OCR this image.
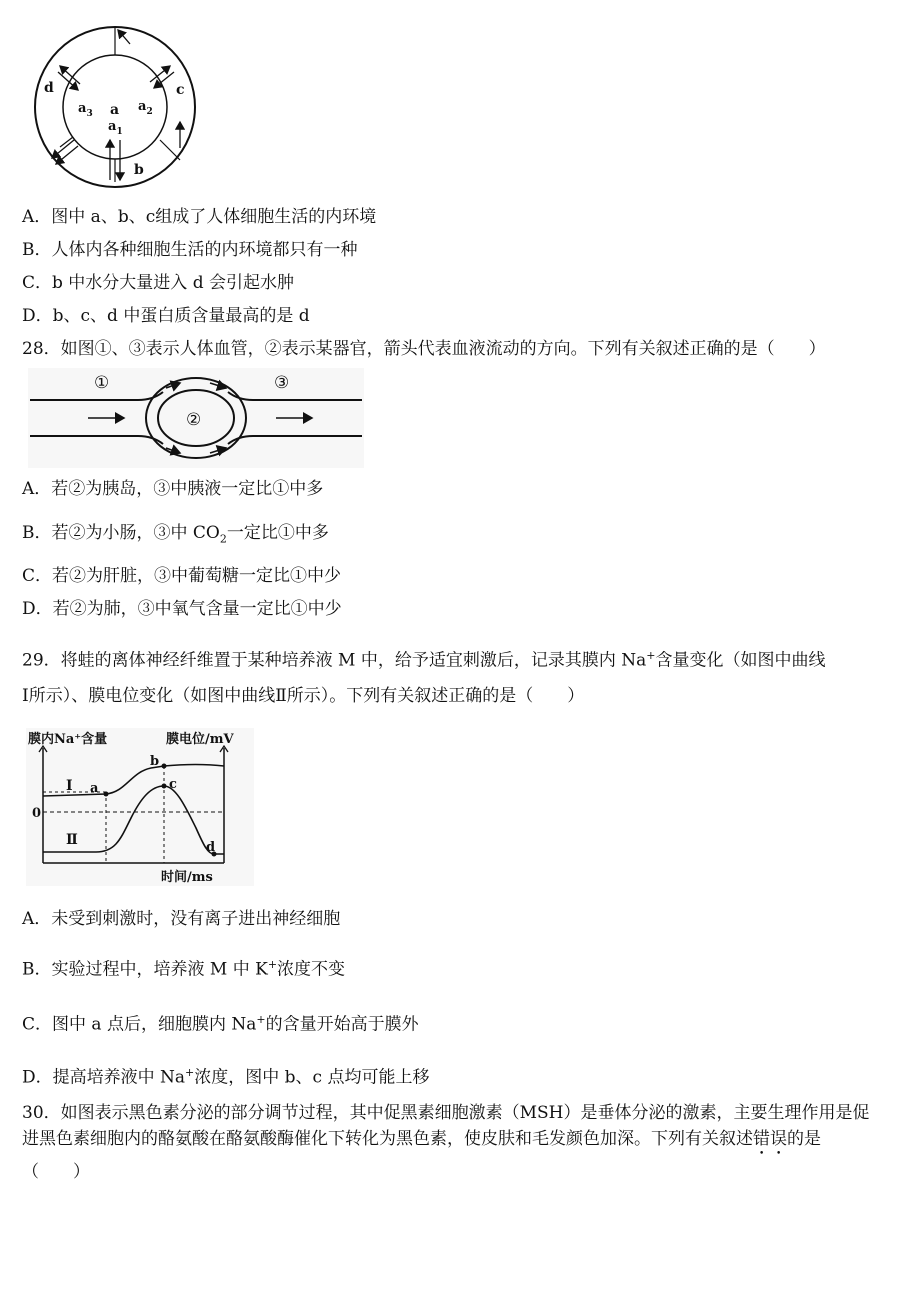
d	c
a
$a_3$	$a_2$
$a_1$
b
A．图中 a、b、c组成了人体细胞生活的内环境
B．人体内各种细胞生活的内环境都只有一种
C．b 中水分大量进入 d 会引起水肿
D．b、c、d 中蛋白质含量最高的是 d
28．如图①、③表示人体血管，②表示某器官，箭头代表血液流动的方向。下列有关叙述正确的是（　　）
①
②
③
A．若②为胰岛，③中胰液一定比①中多
B．若②为小肠，③中 $CO_2$一定比①中多
C．若②为肝脏，③中葡萄糖一定比①中少
D．若②为肺，③中氧气含量一定比①中少
29．将蛙的离体神经纤维置于某种培养液 M 中，给予适宜刺激后，记录其膜内 Na+含量变化（如图中曲线
Ⅰ所示）、膜电位变化（如图中曲线Ⅱ所示）。下列有关叙述正确的是（　　）
膜内Na⁺含量	膜电位/mV
时间/ms
0
Ⅰ
Ⅱ
a
b
c
d
A．未受到刺激时，没有离子进出神经细胞
B．实验过程中，培养液 M 中 K+浓度不变
C．图中 a 点后，细胞膜内 Na+的含量开始高于膜外
D．提高培养液中 Na+浓度，图中 b、c 点均可能上移
30．如图表示黑色素分泌的部分调节过程，其中促黑素细胞激素（MSH）是垂体分泌的激素，主要生理作用是促进黑色素细胞内的酪氨酸在酪氨酸酶催化下转化为黑色素，使皮肤和毛发颜色加深。下列有关叙述错误的是（　　）
